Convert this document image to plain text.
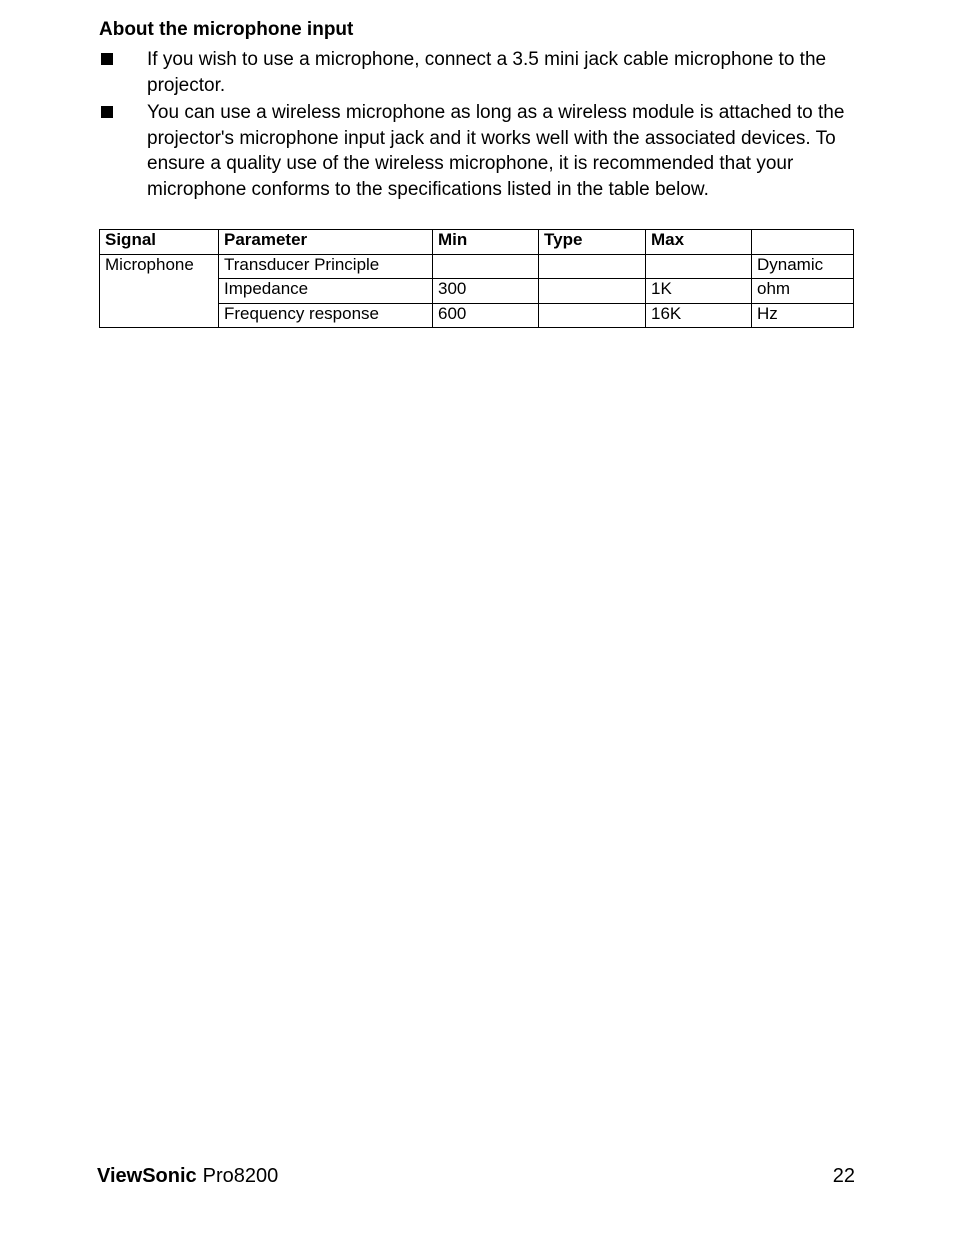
About the microphone input
If you wish to use a microphone, connect a 3.5 mini jack cable microphone to the projector.
You can use a wireless microphone as long as a wireless module is attached to the projector's microphone input jack and it works well with the associated devices. To ensure a quality use of the wireless microphone, it is recommended that your microphone conforms to the specifications listed in the table below.
Signal	Parameter	Min	Type	Max	
Microphone	Transducer Principle				Dynamic
	Impedance	300		1K	ohm
	Frequency response	600		16K	Hz
ViewSonic Pro8200	22
